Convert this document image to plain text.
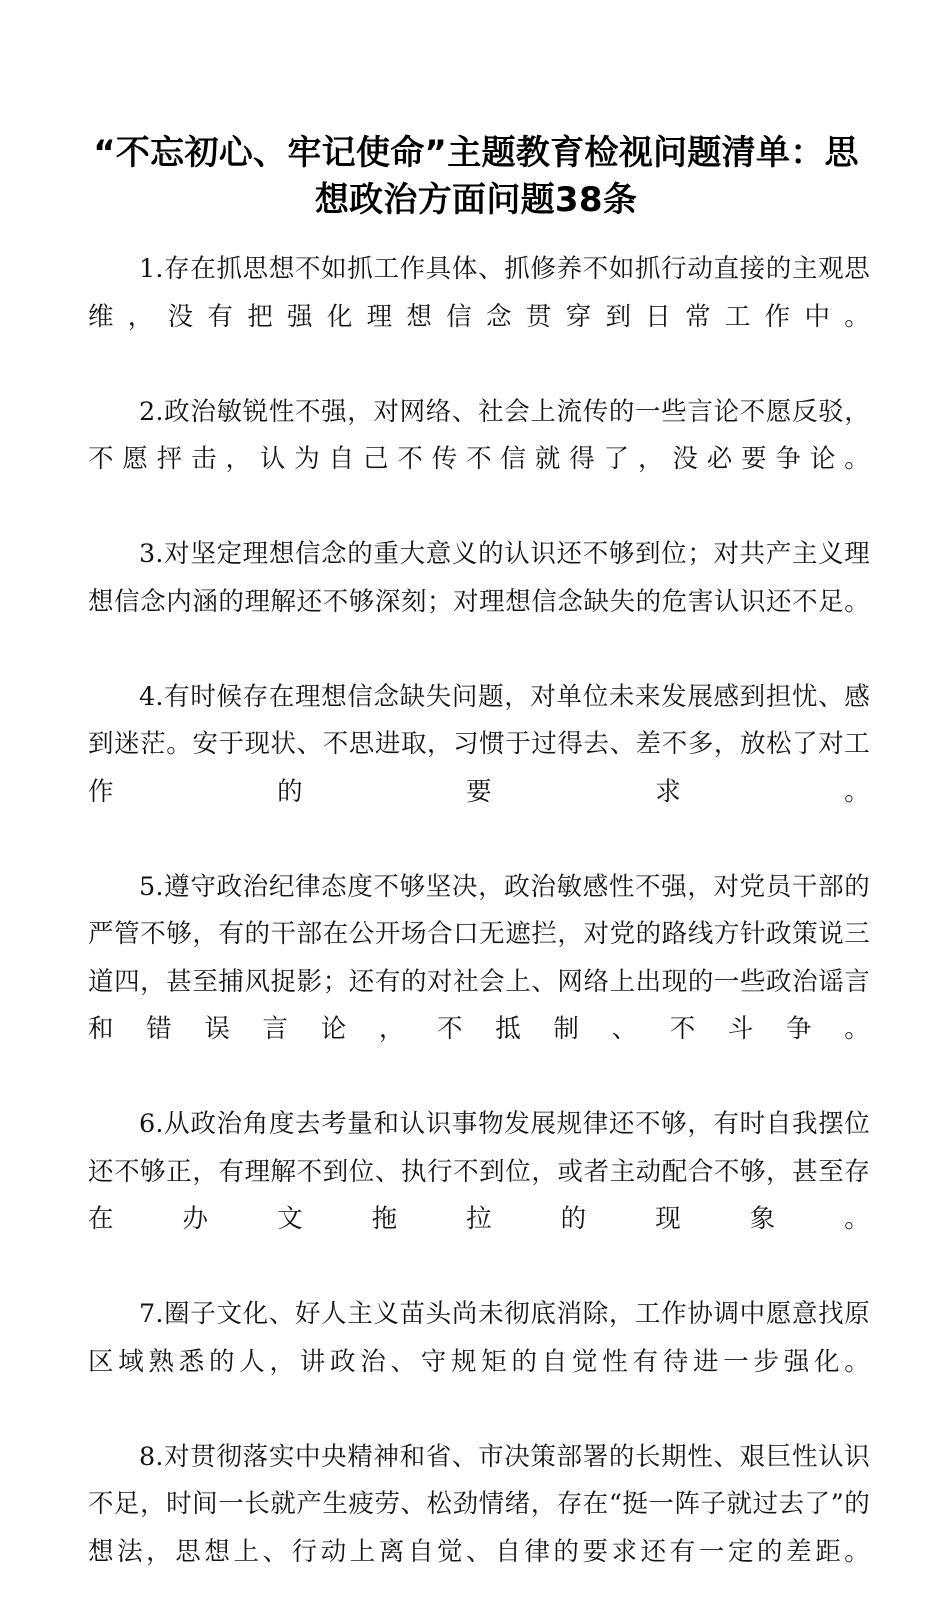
“不忘初心、牢记使命”主题教育检视问题清单：思想政治方面问题38条

1.存在抓思想不如抓工作具体、抓修养不如抓行动直接的主观思维，没有把强化理想信念贯穿到日常工作中。

2.政治敏锐性不强，对网络、社会上流传的一些言论不愿反驳，不愿抨击，认为自己不传不信就得了，没必要争论。

3.对坚定理想信念的重大意义的认识还不够到位；对共产主义理想信念内涵的理解还不够深刻；对理想信念缺失的危害认识还不足。

4.有时候存在理想信念缺失问题，对单位未来发展感到担忧、感到迷茫。安于现状、不思进取，习惯于过得去、差不多，放松了对工作的要求。

5.遵守政治纪律态度不够坚决，政治敏感性不强，对党员干部的严管不够，有的干部在公开场合口无遮拦，对党的路线方针政策说三道四，甚至捕风捉影；还有的对社会上、网络上出现的一些政治谣言和错误言论，不抵制、不斗争。

6.从政治角度去考量和认识事物发展规律还不够，有时自我摆位还不够正，有理解不到位、执行不到位，或者主动配合不够，甚至存在办文拖拉的现象。

7.圈子文化、好人主义苗头尚未彻底消除，工作协调中愿意找原区域熟悉的人，讲政治、守规矩的自觉性有待进一步强化。

8.对贯彻落实中央精神和省、市决策部署的长期性、艰巨性认识不足，时间一长就产生疲劳、松劲情绪，存在“挺一阵子就过去了”的想法，思想上、行动上离自觉、自律的要求还有一定的差距。
